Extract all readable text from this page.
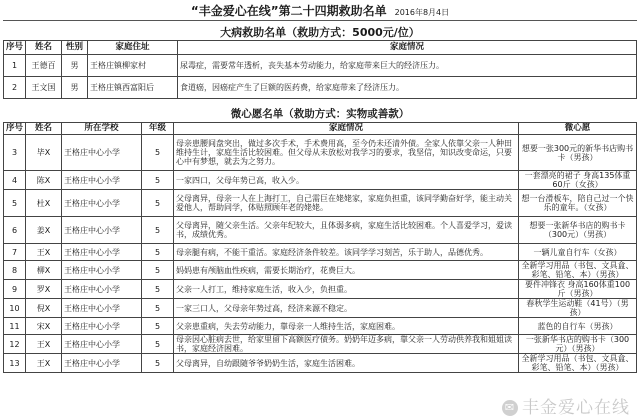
“丰金爱心在线”第二十四期救助名单 2016年8月4日
大病救助名单（救助方式：5000元/位）
序号	姓名	性别	家庭住址	家庭情况
1	王德百	男	王格庄镇柳家村	尿毒症，需要常年透析，丧失基本劳动能力，给家庭带来巨大的经济压力。
2	王文国	男	王格庄镇西富阳后	食道癌，因癌症产生了巨额的医药费，给家庭带来了经济压力。
微心愿名单（救助方式：实物或善款）
序号	姓名	所在学校	年级	家庭情况	微心愿
3	毕X	王格庄中心小学	5	母亲患腰间盘突出，做过多次手术，手术费用高，至今仍未还清外债。全家人依靠父亲一人种田维持生计，家庭生活比较困难。但父母从未放松对我学习的要求，我坚信，知识改变命运，只要心中有梦想，就去为之努力。	想要一张300元的新华书店购书卡（男孩）
4	陈X	王格庄中心小学	5	一家四口，父母年势已高，收入少。	一套漂亮的裙子 身高135体重60斤（女孩）
5	杜X	王格庄中心小学	5	父母离异，母亲一人在上海打工，自己需巨在姥姥家，家庭负担重，该同学勤奋好学，能主动关爱他人，帮助同学，体贴照顾年老的姥姥。	想一台滑板车，陪自己过一个快乐的童年。（女孩）
6	姜X	王格庄中心小学	5	父母离异，随父亲生活。父亲年纪较大，且体弱多病，家庭生活比较困难。个人喜爱学习，爱读书，成绩优秀。	想要一张新华书店的购书卡（300元）（男孩）
7	王X	王格庄中心小学	5	母亲腿有病，不能干重活。家庭经济条件较差。该同学学习刻苦，乐于助人，品德优秀。	一辆儿童自行车（女孩）
8	柳X	王格庄中心小学	5	妈妈患有颅脑血性疾病，需要长期治疗，花费巨大。	全新学习用品（书包、文具盒、彩笔、铅笔、本）（男孩）
9	罗X	王格庄中心小学	5	父亲一人打工，维持家庭生活，收入少，负担重。	要件冲锋衣 身高160体重100斤（男孩）
10	倪X	王格庄中心小学	5	一家三口人，父母亲年势过高，经济来源不稳定。	春秋学生运动鞋（41号）（男孩）
11	宋X	王格庄中心小学	5	父亲患重病，失去劳动能力，靠母亲一人维持生活，家庭困难。	蓝色的自行车（男孩）
12	王X	王格庄中心小学	5	母亲因心脏病去世，给家里留下高额医疗债务。奶奶年迈多病，靠父亲一人劳动供养我和姐姐读书，家庭经济困难。	一张新华书店的购书卡（300元）（男孩）
13	王X	王格庄中心小学	5	父母离异，自幼跟随爷爷奶奶生活，家庭生活困难。	全新学习用品（书包、文具盒、彩笔、铅笔、本）（男孩）
✉ 丰金爱心在线
